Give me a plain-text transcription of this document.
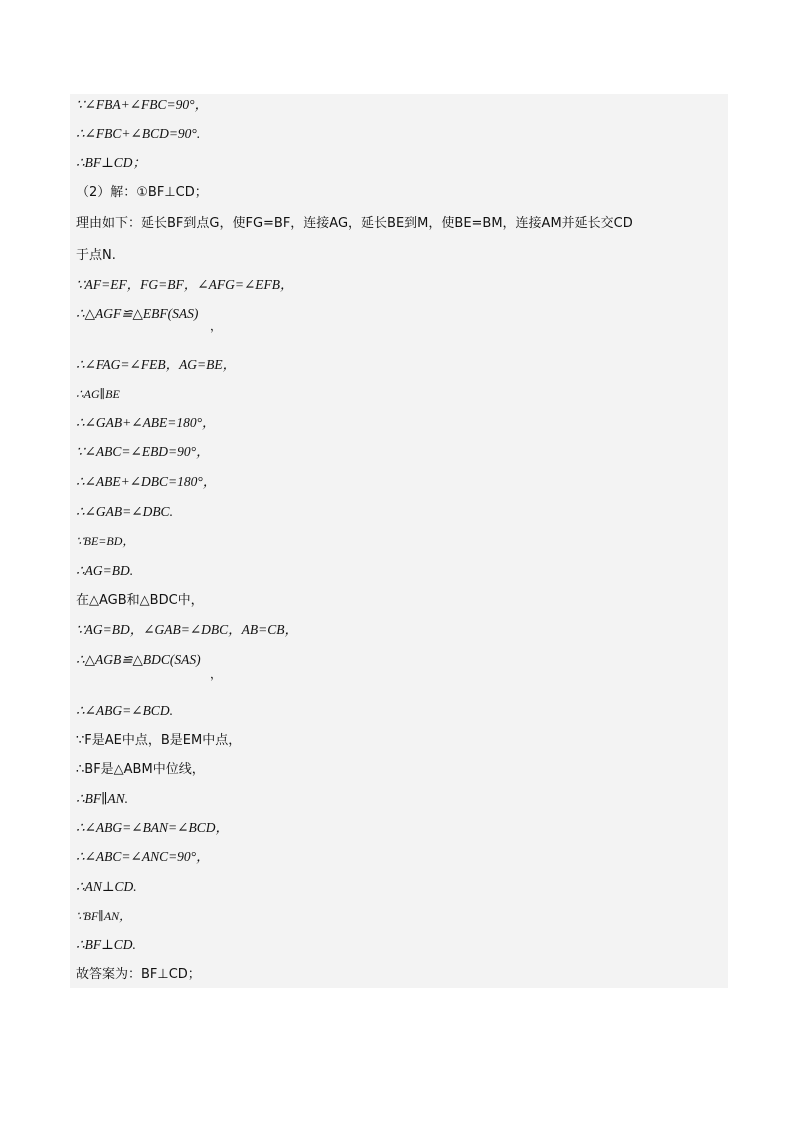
∵∠FBA+∠FBC=90°，
∴∠FBC+∠BCD=90°.
∴BF⊥CD；
（2）解：①BF⊥CD；
理由如下：延长BF到点G，使FG=BF，连接AG，延长BE到M，使BE=BM，连接AM并延长交CD
于点N.
∵AF=EF，FG=BF，∠AFG=∠EFB，
∴△AGF≌△EBF(SAS)
，
∴∠FAG=∠FEB，AG=BE，
∴AG∥BE
∴∠GAB+∠ABE=180°，
∵∠ABC=∠EBD=90°，
∴∠ABE+∠DBC=180°，
∴∠GAB=∠DBC.
∵BE=BD，
∴AG=BD.
在△AGB和△BDC中，
∵AG=BD，∠GAB=∠DBC，AB=CB，
∴△AGB≌△BDC(SAS)
，
∴∠ABG=∠BCD.
∵F是AE中点，B是EM中点，
∴BF是△ABM中位线，
∴BF∥AN.
∴∠ABG=∠BAN=∠BCD，
∴∠ABC=∠ANC=90°，
∴AN⊥CD.
∵BF∥AN，
∴BF⊥CD.
故答案为：BF⊥CD；
